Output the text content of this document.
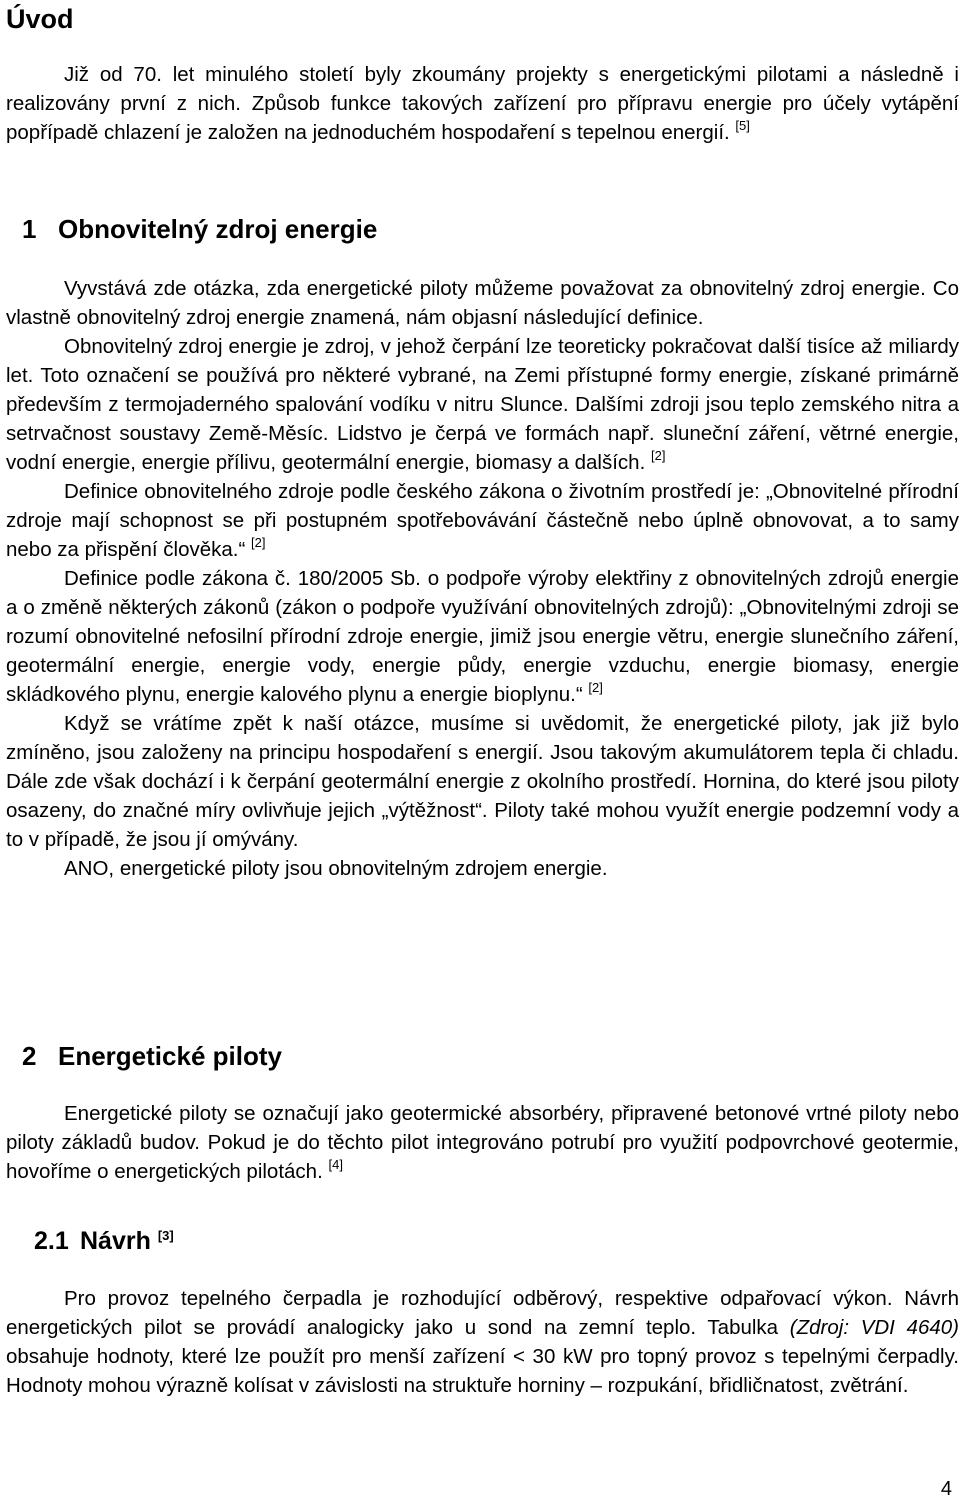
Úvod

Již od 70. let minulého století byly zkoumány projekty s energetickými pilotami a následně i realizovány první z nich. Způsob funkce takových zařízení pro přípravu energie pro účely vytápění popřípadě chlazení je založen na jednoduchém hospodaření s tepelnou energií. [5]

1 Obnovitelný zdroj energie

Vyvstává zde otázka, zda energetické piloty můžeme považovat za obnovitelný zdroj energie. Co vlastně obnovitelný zdroj energie znamená, nám objasní následující definice.

Obnovitelný zdroj energie je zdroj, v jehož čerpání lze teoreticky pokračovat další tisíce až miliardy let. Toto označení se používá pro některé vybrané, na Zemi přístupné formy energie, získané primárně především z termojaderného spalování vodíku v nitru Slunce. Dalšími zdroji jsou teplo zemského nitra a setrvačnost soustavy Země-Měsíc. Lidstvo je čerpá ve formách např. sluneční záření, větrné energie, vodní energie, energie přílivu, geotermální energie, biomasy a dalších. [2]

Definice obnovitelného zdroje podle českého zákona o životním prostředí je: „Obnovitelné přírodní zdroje mají schopnost se při postupném spotřebovávání částečně nebo úplně obnovovat, a to samy nebo za přispění člověka.“ [2]

Definice podle zákona č. 180/2005 Sb. o podpoře výroby elektřiny z obnovitelných zdrojů energie a o změně některých zákonů (zákon o podpoře využívání obnovitelných zdrojů): „Obnovitelnými zdroji se rozumí obnovitelné nefosilní přírodní zdroje energie, jimiž jsou energie větru, energie slunečního záření, geotermální energie, energie vody, energie půdy, energie vzduchu, energie biomasy, energie skládkového plynu, energie kalového plynu a energie bioplynu.“ [2]

Když se vrátíme zpět k naší otázce, musíme si uvědomit, že energetické piloty, jak již bylo zmíněno, jsou založeny na principu hospodaření s energií. Jsou takovým akumulátorem tepla či chladu. Dále zde však dochází i k čerpání geotermální energie z okolního prostředí. Hornina, do které jsou piloty osazeny, do značné míry ovlivňuje jejich „výtěžnost“. Piloty také mohou využít energie podzemní vody a to v případě, že jsou jí omývány.

ANO, energetické piloty jsou obnovitelným zdrojem energie.

2 Energetické piloty

Energetické piloty se označují jako geotermické absorbéry, připravené betonové vrtné piloty nebo piloty základů budov. Pokud je do těchto pilot integrováno potrubí pro využití podpovrchové geotermie, hovoříme o energetických pilotách. [4]

2.1 Návrh [3]

Pro provoz tepelného čerpadla je rozhodující odběrový, respektive odpařovací výkon. Návrh energetických pilot se provádí analogicky jako u sond na zemní teplo. Tabulka (Zdroj: VDI 4640) obsahuje hodnoty, které lze použít pro menší zařízení < 30 kW pro topný provoz s tepelnými čerpadly. Hodnoty mohou výrazně kolísat v závislosti na struktuře horniny – rozpukání, břidličnatost, zvětrání.

4
